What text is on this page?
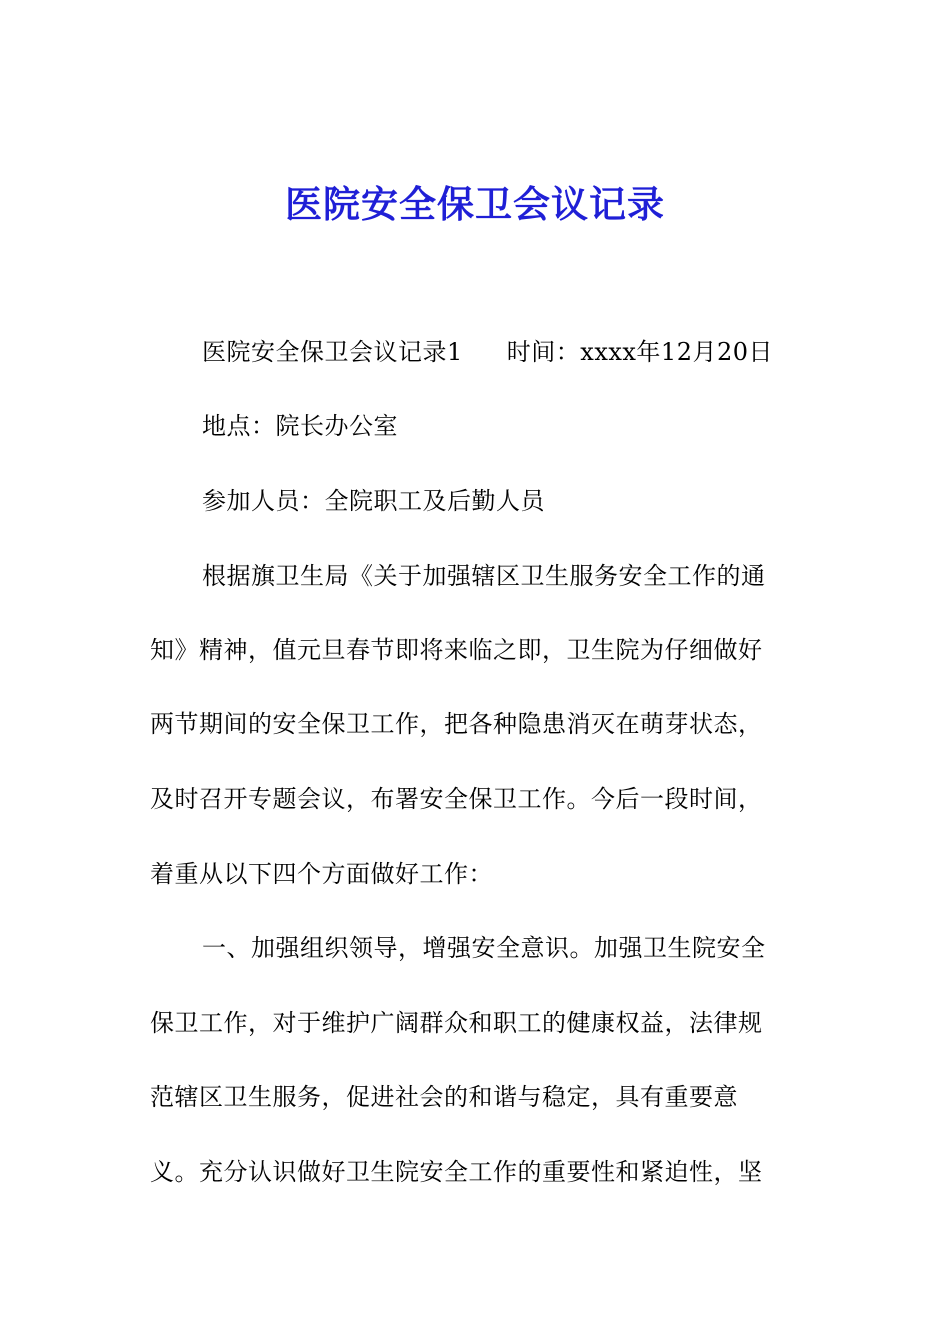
医院安全保卫会议记录
医院安全保卫会议记录1 时间：xxxx年12月20日
地点：院长办公室
参加人员：全院职工及后勤人员
根据旗卫生局《关于加强辖区卫生服务安全工作的通
知》精神，值元旦春节即将来临之即，卫生院为仔细做好
两节期间的安全保卫工作，把各种隐患消灭在萌芽状态，
及时召开专题会议，布署安全保卫工作。今后一段时间，
着重从以下四个方面做好工作：
一、加强组织领导，增强安全意识。加强卫生院安全
保卫工作，对于维护广阔群众和职工的健康权益，法律规
范辖区卫生服务，促进社会的和谐与稳定，具有重要意
义。充分认识做好卫生院安全工作的重要性和紧迫性，坚
